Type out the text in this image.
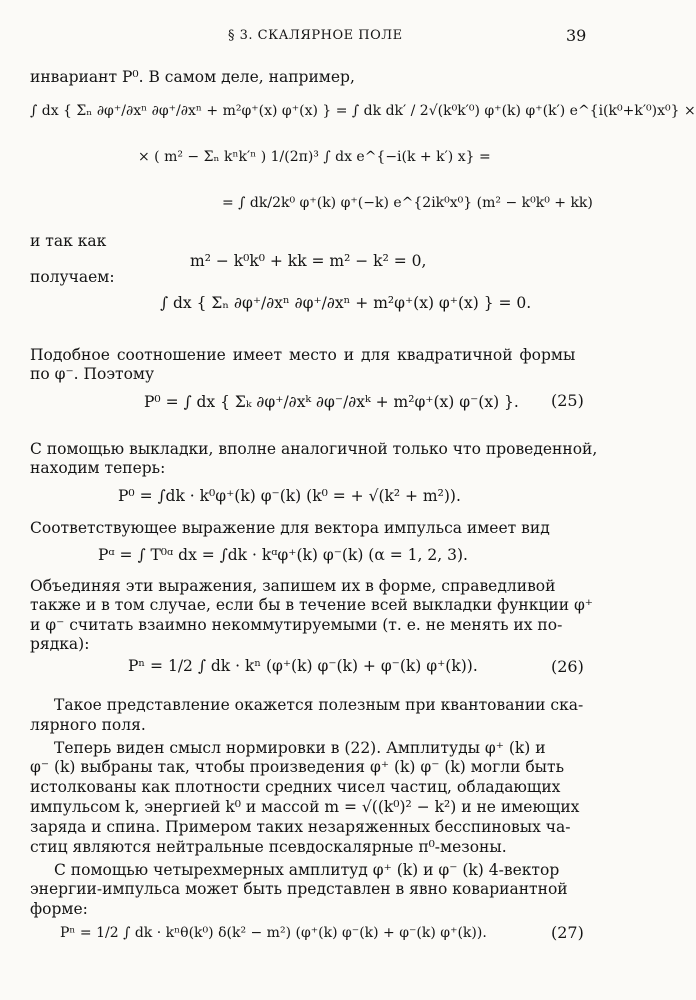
§ 3. СКАЛЯРНОЕ ПОЛЕ	39
инвариант P⁰. В самом деле, например,
∫ dx { Σₙ ∂φ⁺/∂xⁿ ∂φ⁺/∂xⁿ + m²φ⁺(x) φ⁺(x) } = ∫ dk dk′ / 2√(k⁰k′⁰) φ⁺(k) φ⁺(k′) e^{i(k⁰+k′⁰)x⁰} ×
× ( m² − Σₙ kⁿk′ⁿ ) 1/(2π)³ ∫ dx e^{−i(k + k′) x} =
= ∫ dk/2k⁰ φ⁺(k) φ⁺(−k) e^{2ik⁰x⁰} (m² − k⁰k⁰ + kk)
и так как
m² − k⁰k⁰ + kk = m² − k² = 0,
получаем:
∫ dx { Σₙ ∂φ⁺/∂xⁿ ∂φ⁺/∂xⁿ + m²φ⁺(x) φ⁺(x) } = 0.
Подобное соотношение имеет место и для квадратичной формы
по φ⁻. Поэтому
P⁰ = ∫ dx { Σₖ ∂φ⁺/∂xᵏ ∂φ⁻/∂xᵏ + m²φ⁺(x) φ⁻(x) }. (25)
С помощью выкладки, вполне аналогичной только что проведенной,
находим теперь:
P⁰ = ∫dk · k⁰φ⁺(k) φ⁻(k) (k⁰ = + √(k² + m²)).
Соответствующее выражение для вектора импульса имеет вид
Pᵅ = ∫ T⁰ᵅ dx = ∫dk · kᵅφ⁺(k) φ⁻(k) (α = 1, 2, 3).
Объединяя эти выражения, запишем их в форме, справедливой
также и в том случае, если бы в течение всей выкладки функции φ⁺
и φ⁻ считать взаимно некоммутируемыми (т. е. не менять их по-
рядка):
Pⁿ = 1/2 ∫ dk · kⁿ (φ⁺(k) φ⁻(k) + φ⁻(k) φ⁺(k)).	(26)
Такое представление окажется полезным при квантовании ска-
лярного поля.
Теперь виден смысл нормировки в (22). Амплитуды φ⁺ (k) и
φ⁻ (k) выбраны так, чтобы произведения φ⁺ (k) φ⁻ (k) могли быть
истолкованы как плотности средних чисел частиц, обладающих
импульсом k, энергией k⁰ и массой m = √((k⁰)² − k²) и не имеющих
заряда и спина. Примером таких незаряженных бесспиновых ча-
стиц являются нейтральные псевдоскалярные π⁰-мезоны.
С помощью четырехмерных амплитуд φ⁺ (k) и φ⁻ (k) 4-вектор
энергии-импульса может быть представлен в явно ковариантной
форме:
Pⁿ = 1/2 ∫ dk · kⁿθ(k⁰) δ(k² − m²) (φ⁺(k) φ⁻(k) + φ⁻(k) φ⁺(k)).	(27)
